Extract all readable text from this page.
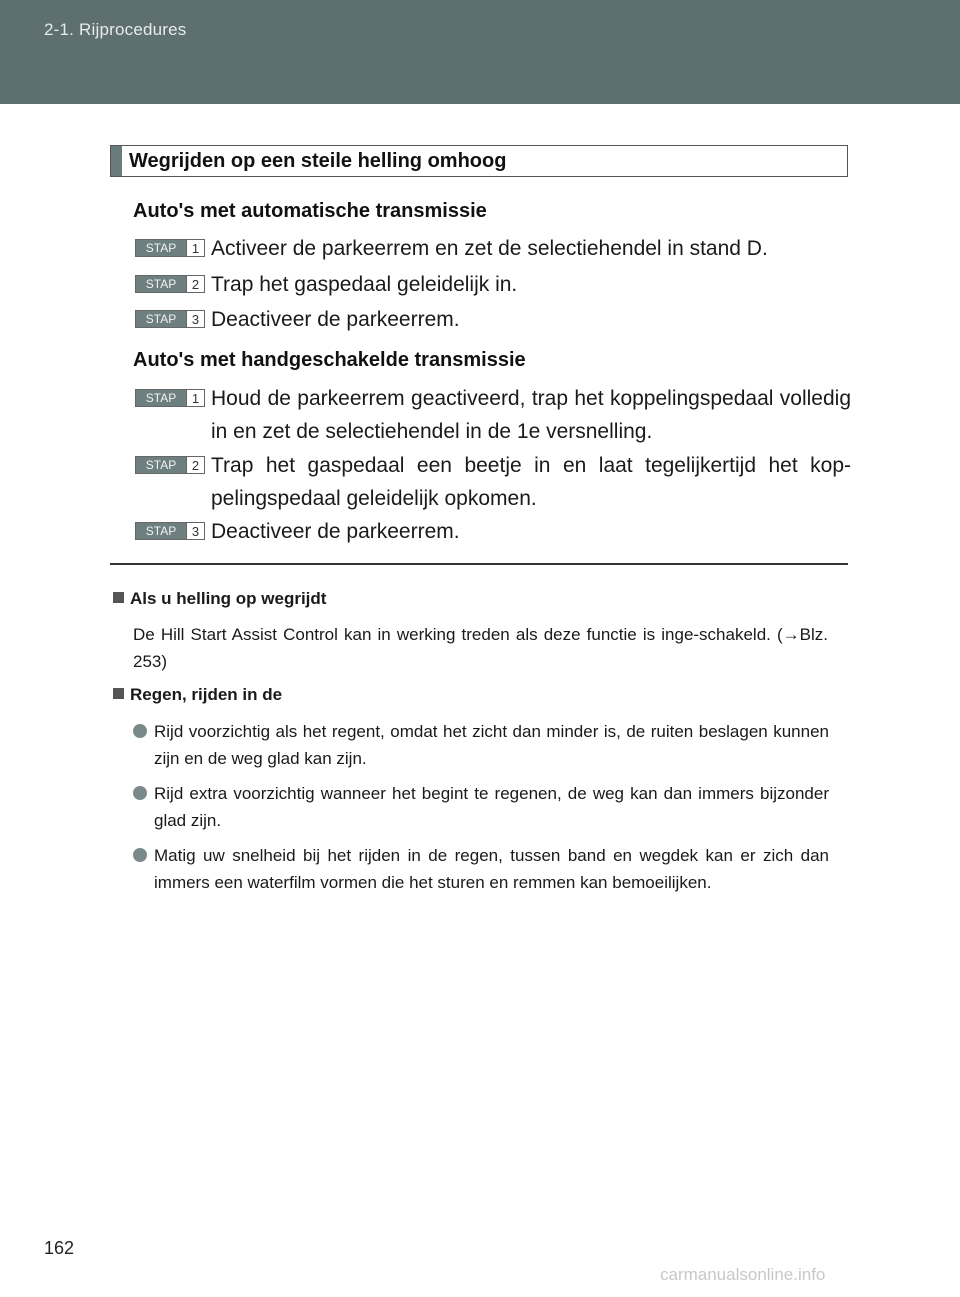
2-1. Rijprocedures
Wegrijden op een steile helling omhoog
Auto's met automatische transmissie
STAP	1 Activeer de parkeerrem en zet de selectiehendel in stand D.
STAP	2 Trap het gaspedaal geleidelijk in.
STAP	3 Deactiveer de parkeerrem.
Auto's met handgeschakelde transmissie
STAP	1 Houd de parkeerrem geactiveerd, trap het koppelingspedaal volledig in en zet de selectiehendel in de 1e versnelling.
STAP	2 Trap het gaspedaal een beetje in en laat tegelijkertijd het kop-pelingspedaal geleidelijk opkomen.
STAP	3 Deactiveer de parkeerrem.
Als u helling op wegrijdt
De Hill Start Assist Control kan in werking treden als deze functie is inge-schakeld. (→Blz. 253)
Regen, rijden in de
Rijd voorzichtig als het regent, omdat het zicht dan minder is, de ruiten beslagen kunnen zijn en de weg glad kan zijn.
Rijd extra voorzichtig wanneer het begint te regenen, de weg kan dan immers bijzonder glad zijn.
Matig uw snelheid bij het rijden in de regen, tussen band en wegdek kan er zich dan immers een waterfilm vormen die het sturen en remmen kan bemoeilijken.
162
carmanualsonline.info
